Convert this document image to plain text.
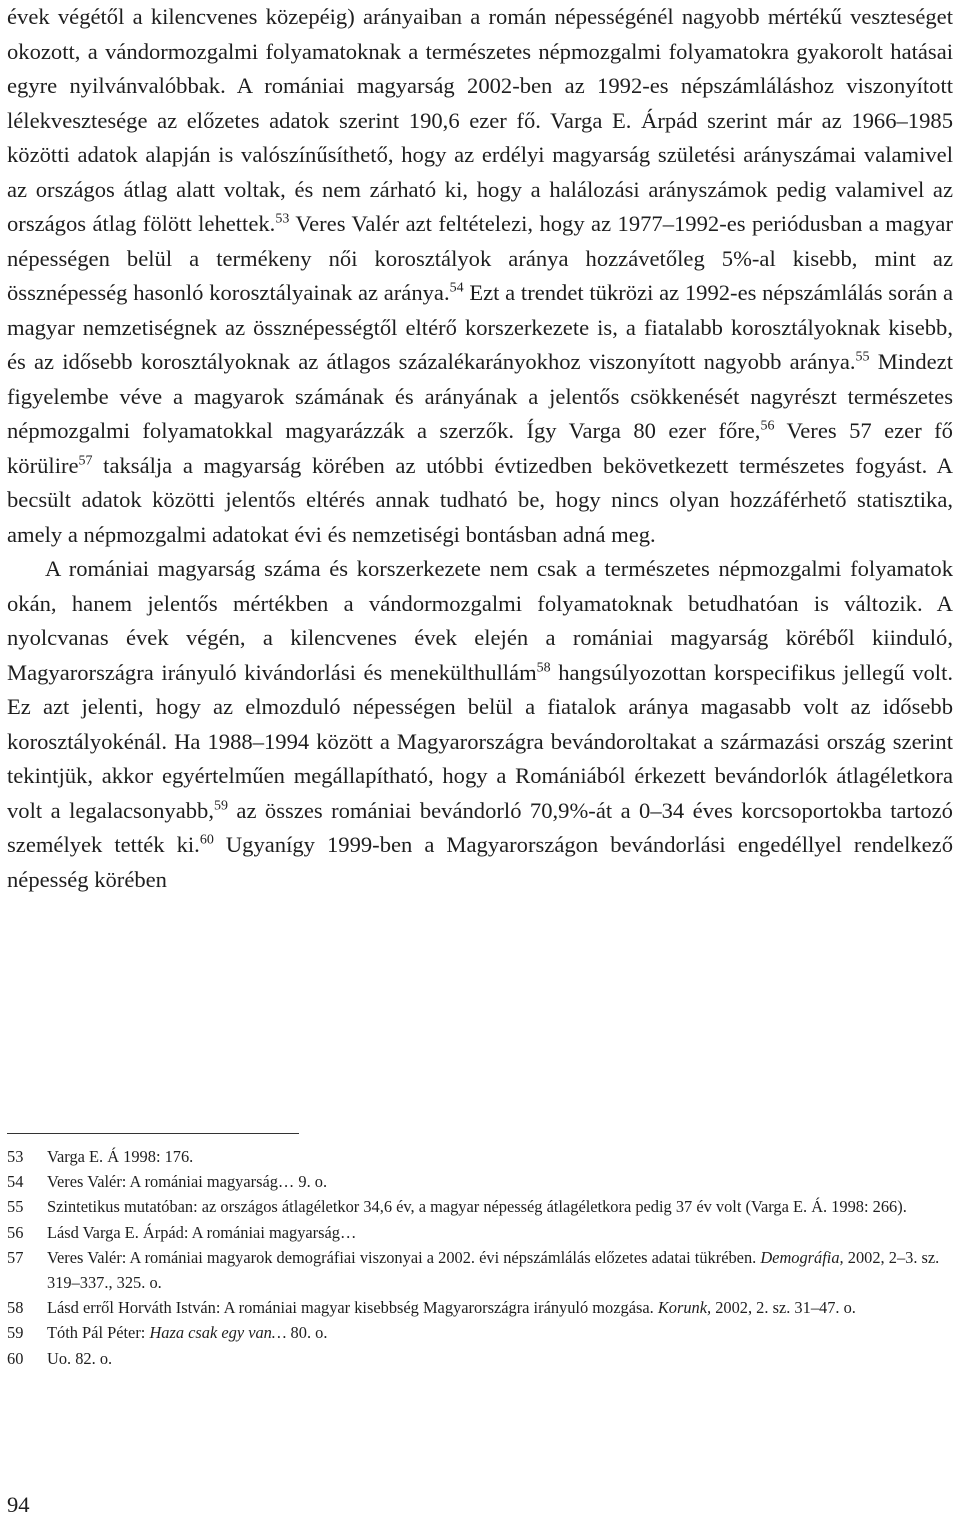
évek végétől a kilencvenes közepéig) arányaiban a román népességénél nagyobb mértékű veszteséget okozott, a vándormozgalmi folyamatoknak a természetes népmozgalmi folyamatokra gyakorolt hatásai egyre nyilvánvalóbbak. A romániai magyarság 2002-ben az 1992-es népszámláláshoz viszonyított lélekvesztesége az előzetes adatok szerint 190,6 ezer fő. Varga E. Árpád szerint már az 1966–1985 közötti adatok alapján is valószínűsíthető, hogy az erdélyi magyarság születési arányszámai valamivel az országos átlag alatt voltak, és nem zárható ki, hogy a halálozási arányszámok pedig valamivel az országos átlag fölött lehettek.$^{53}$ Veres Valér azt feltételezi, hogy az 1977–1992-es periódusban a magyar népességen belül a termékeny női korosztályok aránya hozzávetőleg 5%-al kisebb, mint az össznépesség hasonló korosztályainak az aránya.$^{54}$ Ezt a trendet tükrözi az 1992-es népszámlálás során a magyar nemzetiségnek az össznépességtől eltérő korszerkezete is, a fiatalabb korosztályoknak kisebb, és az idősebb korosztályoknak az átlagos százalékarányokhoz viszonyított nagyobb aránya.$^{55}$ Mindezt figyelembe véve a magyarok számának és arányának a jelentős csökkenését nagyrészt természetes népmozgalmi folyamatokkal magyarázzák a szerzők. Így Varga 80 ezer főre,$^{56}$ Veres 57 ezer fő körülire$^{57}$ taksálja a magyarság körében az utóbbi évtizedben bekövetkezett természetes fogyást. A becsült adatok közötti jelentős eltérés annak tudható be, hogy nincs olyan hozzáférhető statisztika, amely a népmozgalmi adatokat évi és nemzetiségi bontásban adná meg.

A romániai magyarság száma és korszerkezete nem csak a természetes népmozgalmi folyamatok okán, hanem jelentős mértékben a vándormozgalmi folyamatoknak betudhatóan is változik. A nyolcvanas évek végén, a kilencvenes évek elején a romániai magyarság köréből kiinduló, Magyarországra irányuló kivándorlási és menekülthullám$^{58}$ hangsúlyozottan korspecifikus jellegű volt. Ez azt jelenti, hogy az elmozduló népességen belül a fiatalok aránya magasabb volt az idősebb korosztályokénál. Ha 1988–1994 között a Magyarországra bevándoroltakat a származási ország szerint tekintjük, akkor egyértelműen megállapítható, hogy a Romániából érkezett bevándorlók átlagéletkora volt a legalacsonyabb,$^{59}$ az összes romániai bevándorló 70,9%-át a 0–34 éves korcsoportokba tartozó személyek tették ki.$^{60}$ Ugyanígy 1999-ben a Magyarországon bevándorlási engedéllyel rendelkező népesség körében

53	Varga E. Á 1998: 176.
54	Veres Valér: A romániai magyarság… 9. o.
55	Szintetikus mutatóban: az országos átlagéletkor 34,6 év, a magyar népesség átlagéletkora pedig 37 év volt (Varga E. Á. 1998: 266).
56	Lásd Varga E. Árpád: A romániai magyarság…
57	Veres Valér: A romániai magyarok demográfiai viszonyai a 2002. évi népszámlálás előzetes adatai tükrében. Demográfia, 2002, 2–3. sz. 319–337., 325. o.
58	Lásd erről Horváth István: A romániai magyar kisebbség Magyarországra irányuló mozgása. Korunk, 2002, 2. sz. 31–47. o.
59	Tóth Pál Péter: Haza csak egy van… 80. o.
60	Uo. 82. o.
94
